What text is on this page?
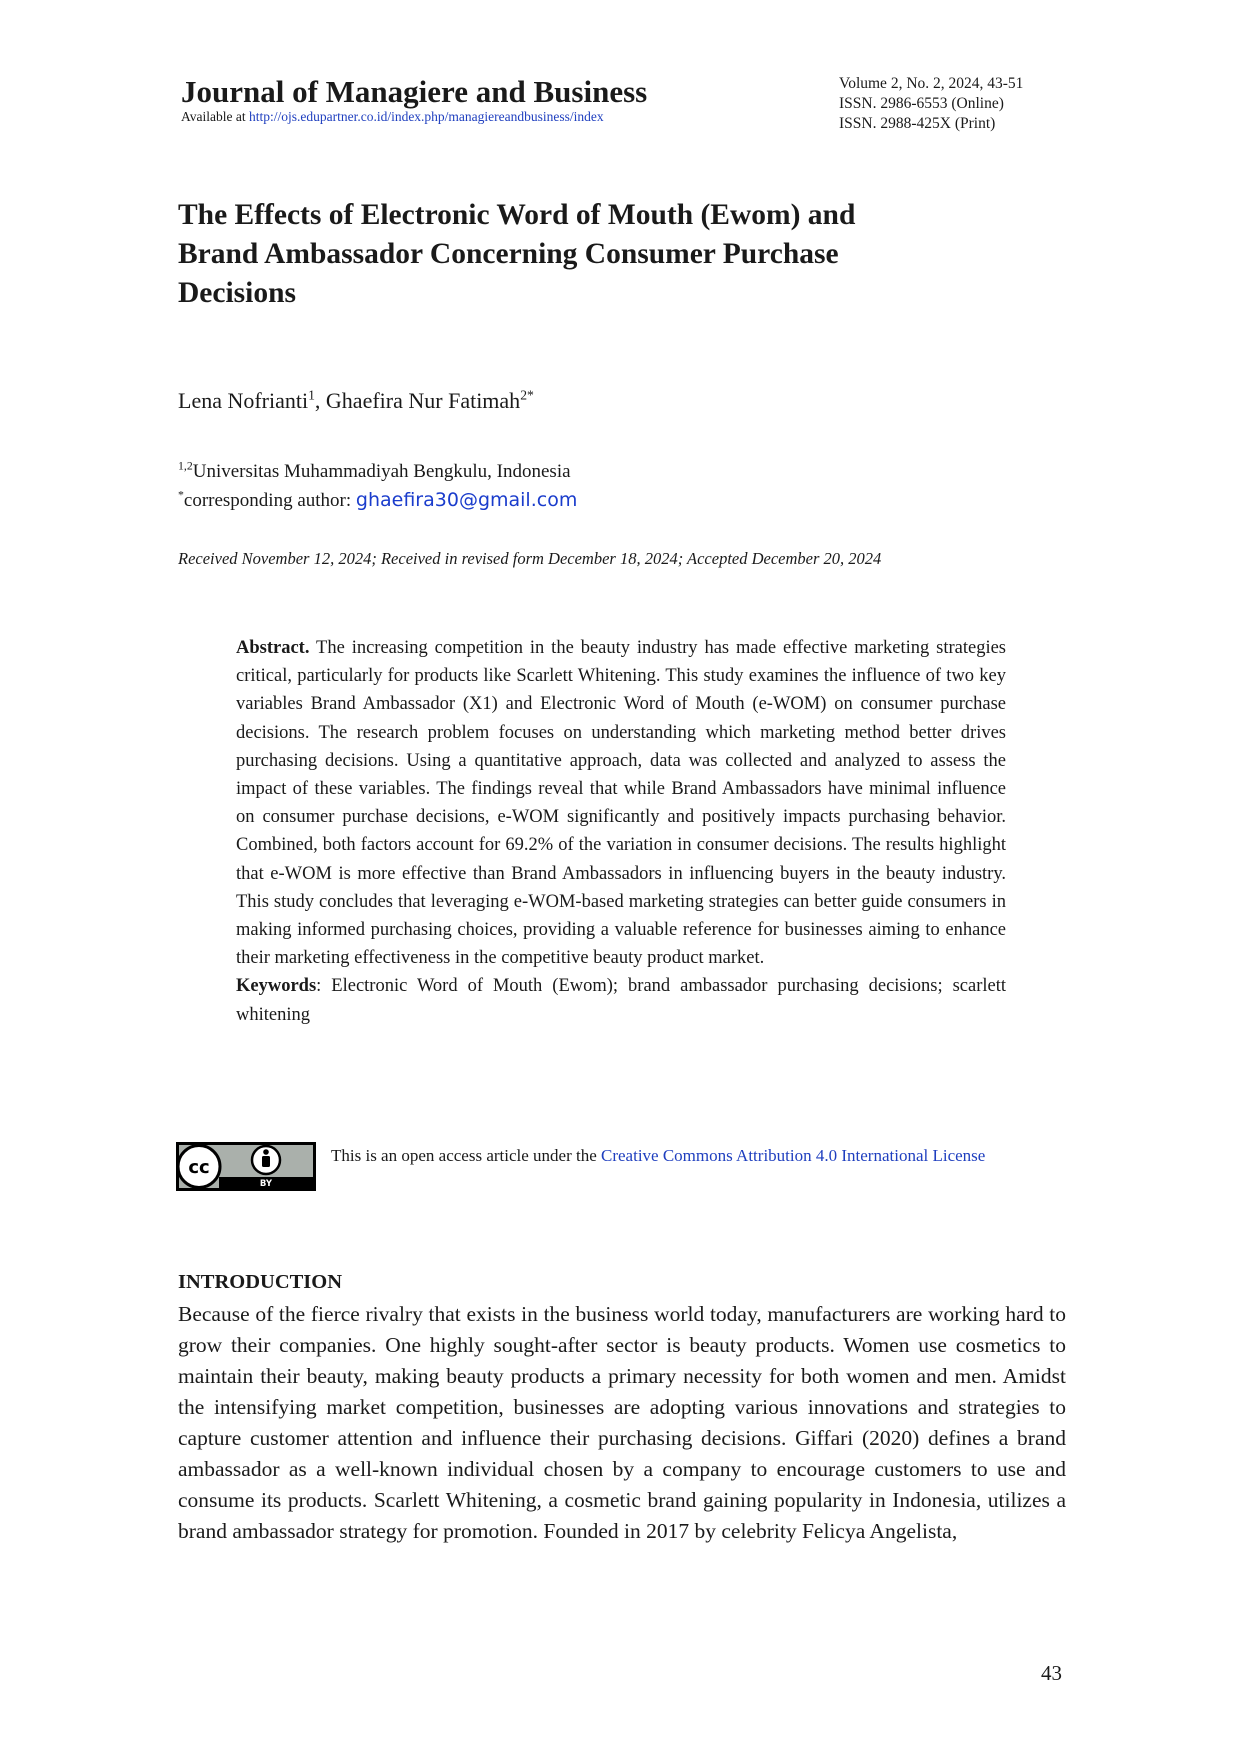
Journal of Managiere and Business
Available at http://ojs.edupartner.co.id/index.php/managiereandbusiness/index
Volume 2, No. 2, 2024, 43-51
ISSN. 2986-6553 (Online)
ISSN. 2988-425X (Print)
The Effects of Electronic Word of Mouth (Ewom) and Brand Ambassador Concerning Consumer Purchase Decisions
Lena Nofrianti$^1$, Ghaefira Nur Fatimah$^{2*}$
$^{1,2}$Universitas Muhammadiyah Bengkulu, Indonesia
*corresponding author: ghaefira30@gmail.com
Received November 12, 2024; Received in revised form December 18, 2024; Accepted December 20, 2024

Abstract. The increasing competition in the beauty industry has made effective marketing strategies critical, particularly for products like Scarlett Whitening. This study examines the influence of two key variables Brand Ambassador (X1) and Electronic Word of Mouth (e-WOM) on consumer purchase decisions. The research problem focuses on understanding which marketing method better drives purchasing decisions. Using a quantitative approach, data was collected and analyzed to assess the impact of these variables. The findings reveal that while Brand Ambassadors have minimal influence on consumer purchase decisions, e-WOM significantly and positively impacts purchasing behavior. Combined, both factors account for 69.2% of the variation in consumer decisions. The results highlight that e-WOM is more effective than Brand Ambassadors in influencing buyers in the beauty industry. This study concludes that leveraging e-WOM-based marketing strategies can better guide consumers in making informed purchasing choices, providing a valuable reference for businesses aiming to enhance their marketing effectiveness in the competitive beauty product market.

Keywords: Electronic Word of Mouth (Ewom); brand ambassador purchasing decisions; scarlett whitening

cc
BY
This is an open access article under the Creative Commons Attribution 4.0 International License
INTRODUCTION

Because of the fierce rivalry that exists in the business world today, manufacturers are working hard to grow their companies. One highly sought-after sector is beauty products. Women use cosmetics to maintain their beauty, making beauty products a primary necessity for both women and men. Amidst the intensifying market competition, businesses are adopting various innovations and strategies to capture customer attention and influence their purchasing decisions. Giffari (2020) defines a brand ambassador as a well-known individual chosen by a company to encourage customers to use and consume its products. Scarlett Whitening, a cosmetic brand gaining popularity in Indonesia, utilizes a brand ambassador strategy for promotion. Founded in 2017 by celebrity Felicya Angelista,

43
